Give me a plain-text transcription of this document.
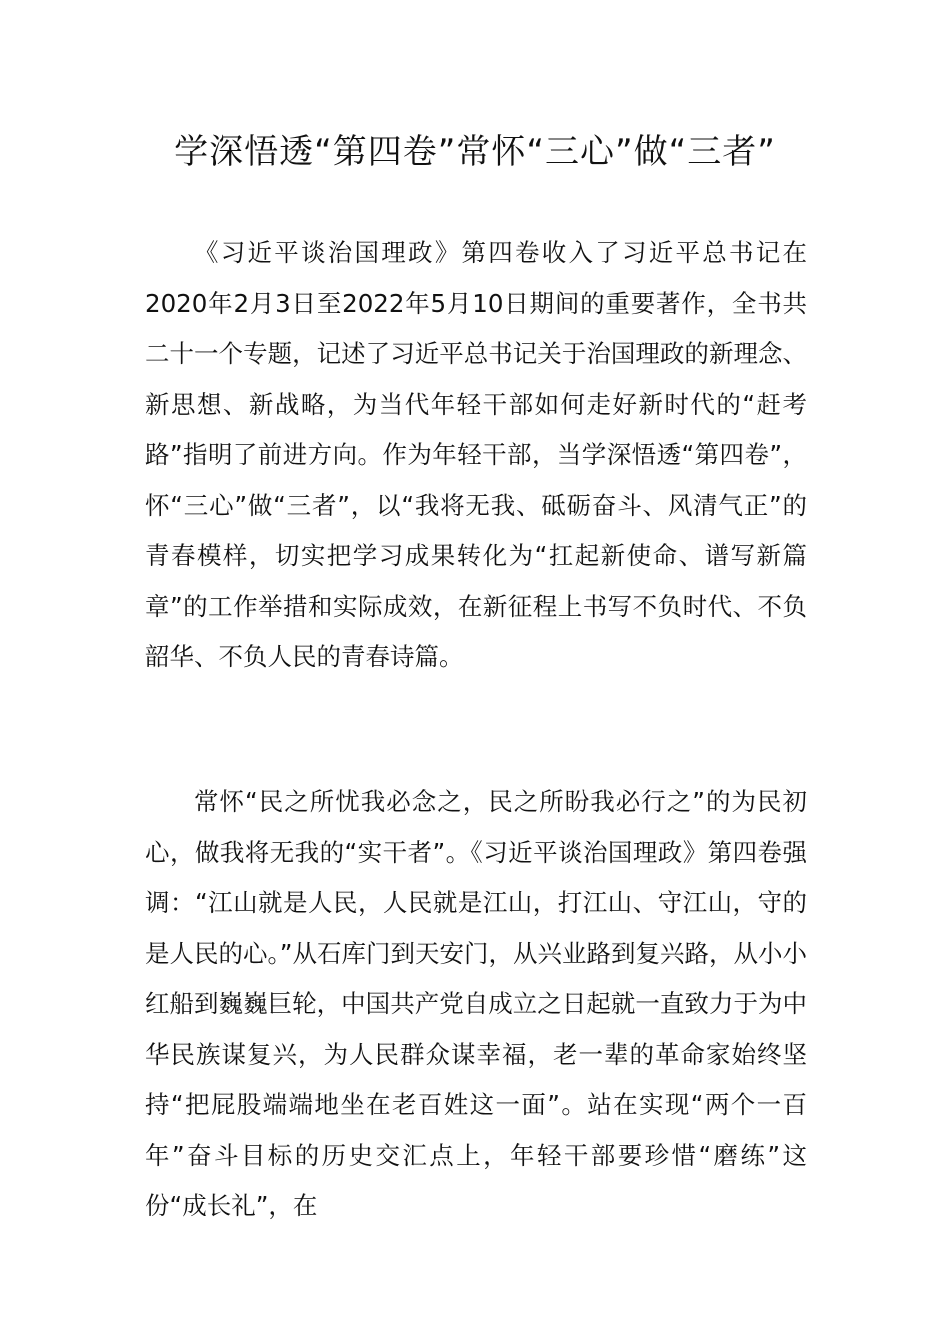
学深悟透“第四卷”常怀“三心”做“三者”

《习近平谈治国理政》第四卷收入了习近平总书记在2020年2月3日至2022年5月10日期间的重要著作，全书共二十一个专题，记述了习近平总书记关于治国理政的新理念、新思想、新战略，为当代年轻干部如何走好新时代的“赶考路”指明了前进方向。作为年轻干部，当学深悟透“第四卷”，怀“三心”做“三者”，以“我将无我、砥砺奋斗、风清气正”的青春模样，切实把学习成果转化为“扛起新使命、谱写新篇章”的工作举措和实际成效，在新征程上书写不负时代、不负韶华、不负人民的青春诗篇。

常怀“民之所忧我必念之，民之所盼我必行之”的为民初心，做我将无我的“实干者”。《习近平谈治国理政》第四卷强调：“江山就是人民，人民就是江山，打江山、守江山，守的是人民的心。”从石库门到天安门，从兴业路到复兴路，从小小红船到巍巍巨轮，中国共产党自成立之日起就一直致力于为中华民族谋复兴，为人民群众谋幸福，老一辈的革命家始终坚持“把屁股端端地坐在老百姓这一面”。站在实现“两个一百年”奋斗目标的历史交汇点上，年轻干部要珍惜“磨练”这份“成长礼”，在
